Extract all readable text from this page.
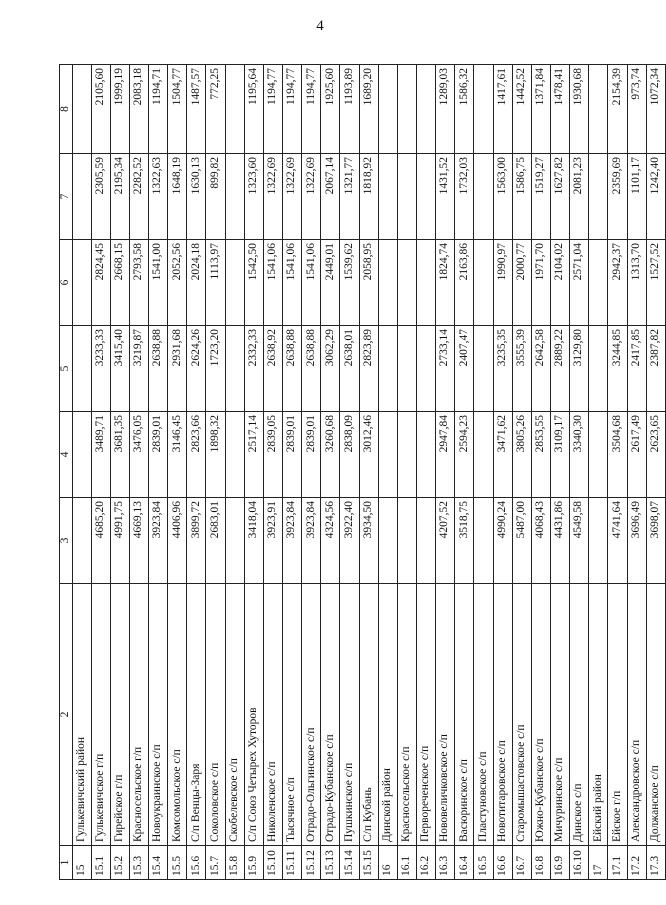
4
1	2	3	4	5	6	7	8
15	Гулькевичский район						
15.1	Гулькевичское г/п	4685,20	3489,71	3233,33	2824,45	2305,59	2105,60
15.2	Гирейское г/п	4991,75	3681,35	3415,40	2668,15	2195,34	1999,19
15.3	Красносельское г/п	4669,13	3476,05	3219,87	2793,58	2282,52	2083,18
15.4	Новоукраинское с/п	3923,84	2839,01	2638,88	1541,00	1322,63	1194,71
15.5	Комсомольское с/п	4406,96	3146,45	2931,68	2052,56	1648,19	1504,77
15.6	С/п Венцы-Заря	3899,72	2823,66	2624,26	2024,18	1630,13	1487,57
15.7	Соколовское с/п	2683,01	1898,32	1723,20	1113,97	899,82	772,25
15.8	Скобелевское с/п						
15.9	С/п Союз Четырех Хуторов	3418,04	2517,14	2332,33	1542,50	1323,60	1195,64
15.10	Николенское с/п	3923,91	2839,05	2638,92	1541,06	1322,69	1194,77
15.11	Тысячное с/п	3923,84	2839,01	2638,88	1541,06	1322,69	1194,77
15.12	Отрадо-Ольгинское с/п	3923,84	2839,01	2638,88	1541,06	1322,69	1194,77
15.13	Отрадо-Кубанское с/п	4324,56	3260,68	3062,29	2449,01	2067,14	1925,60
15.14	Пушкинское с/п	3922,40	2838,09	2638,01	1539,62	1321,77	1193,89
15.15	С/п Кубань	3934,50	3012,46	2823,89	2058,95	1818,92	1689,20
16	Динской район						
16.1	Красносельское с/п						
16.2	Первореченское с/п						
16.3	Нововеличковское с/п	4207,52	2947,84	2733,14	1824,74	1431,52	1289,03
16.4	Васюринское с/п	3518,75	2594,23	2407,47	2163,86	1732,03	1586,32
16.5	Пластуновское с/п						
16.6	Новотитаровское с/п	4990,24	3471,62	3235,35	1990,97	1563,00	1417,61
16.7	Старомышастовское с/п	5487,00	3805,26	3555,39	2000,77	1586,75	1442,52
16.8	Южно-Кубанское с/п	4068,43	2853,55	2642,58	1971,70	1519,27	1371,84
16.9	Мичуринское с/п	4431,86	3109,17	2889,22	2104,02	1627,82	1478,41
16.10	Динское с/п	4549,58	3340,30	3129,80	2571,04	2081,23	1930,68
17	Ейский район						
17.1	Ейское г/п	4741,64	3504,68	3244,85	2942,37	2359,69	2154,39
17.2	Александровское с/п	3696,49	2617,49	2417,85	1313,70	1101,17	973,74
17.3	Должанское с/п	3698,07	2623,65	2387,82	1527,52	1242,40	1072,34
